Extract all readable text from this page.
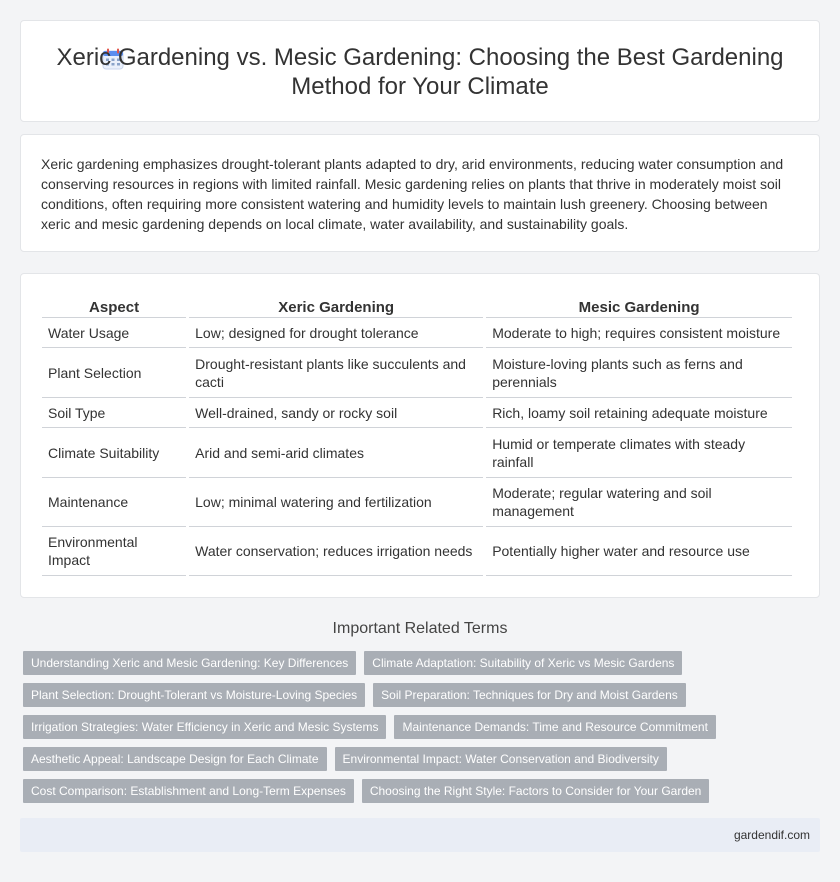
Xeric Gardening vs. Mesic Gardening: Choosing the Best Gardening Method for Your Climate

Xeric gardening emphasizes drought-tolerant plants adapted to dry, arid environments, reducing water consumption and conserving resources in regions with limited rainfall. Mesic gardening relies on plants that thrive in moderately moist soil conditions, often requiring more consistent watering and humidity levels to maintain lush greenery. Choosing between xeric and mesic gardening depends on local climate, water availability, and sustainability goals.

Aspect	Xeric Gardening	Mesic Gardening
Water Usage	Low; designed for drought tolerance	Moderate to high; requires consistent moisture
Plant Selection	Drought-resistant plants like succulents and cacti	Moisture-loving plants such as ferns and perennials
Soil Type	Well-drained, sandy or rocky soil	Rich, loamy soil retaining adequate moisture
Climate Suitability	Arid and semi-arid climates	Humid or temperate climates with steady rainfall
Maintenance	Low; minimal watering and fertilization	Moderate; regular watering and soil management
Environmental Impact	Water conservation; reduces irrigation needs	Potentially higher water and resource use
Important Related Terms
Understanding Xeric and Mesic Gardening: Key Differences	Climate Adaptation: Suitability of Xeric vs Mesic Gardens
Plant Selection: Drought-Tolerant vs Moisture-Loving Species	Soil Preparation: Techniques for Dry and Moist Gardens
Irrigation Strategies: Water Efficiency in Xeric and Mesic Systems	Maintenance Demands: Time and Resource Commitment
Aesthetic Appeal: Landscape Design for Each Climate	Environmental Impact: Water Conservation and Biodiversity
Cost Comparison: Establishment and Long-Term Expenses	Choosing the Right Style: Factors to Consider for Your Garden
gardendif.com
